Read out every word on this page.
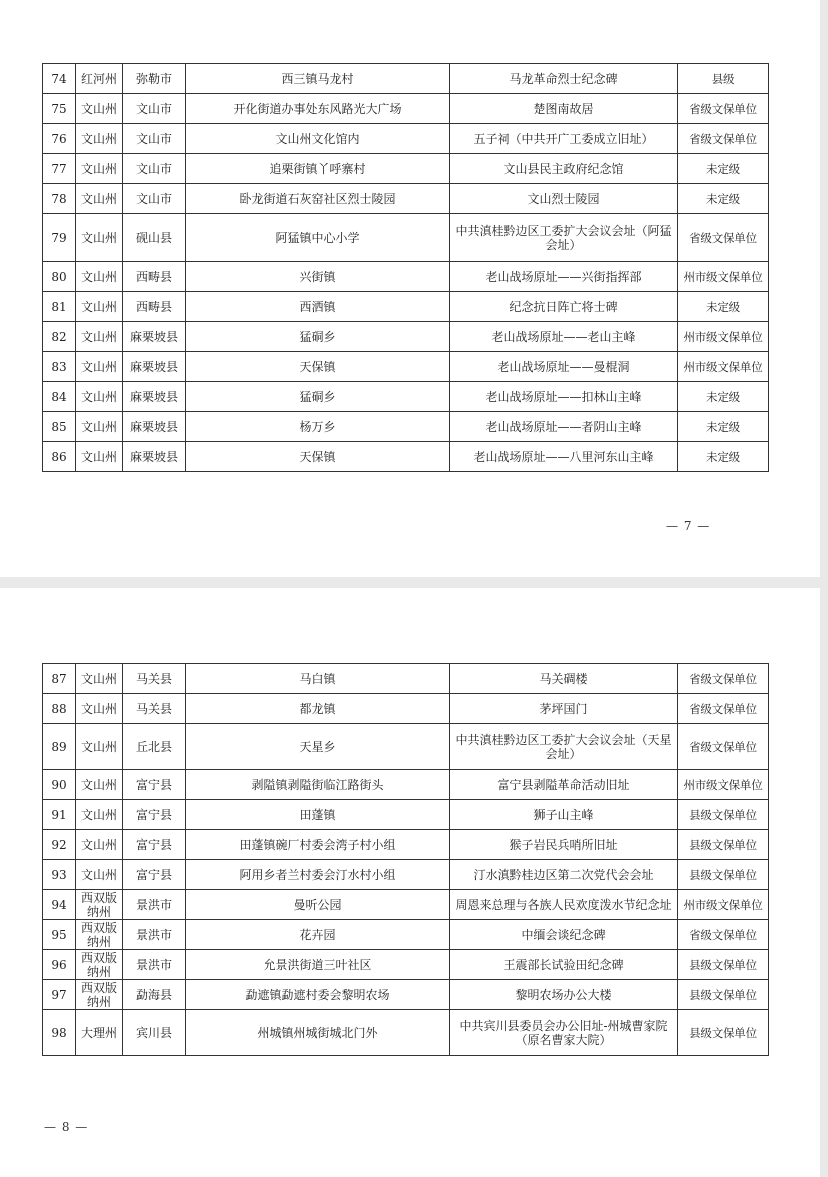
74	红河州	弥勒市	西三镇马龙村	马龙革命烈士纪念碑	县级
75	文山州	文山市	开化街道办事处东风路光大广场	楚图南故居	省级文保单位
76	文山州	文山市	文山州文化馆内	五子祠（中共开广工委成立旧址）	省级文保单位
77	文山州	文山市	追栗街镇丫呼寨村	文山县民主政府纪念馆	未定级
78	文山州	文山市	卧龙街道石灰窑社区烈士陵园	文山烈士陵园	未定级
79	文山州	砚山县	阿猛镇中心小学	中共滇桂黔边区工委扩大会议会址（阿猛会址）	省级文保单位
80	文山州	西畴县	兴街镇	老山战场原址——兴街指挥部	州市级文保单位
81	文山州	西畴县	西洒镇	纪念抗日阵亡将士碑	未定级
82	文山州	麻栗坡县	猛硐乡	老山战场原址——老山主峰	州市级文保单位
83	文山州	麻栗坡县	天保镇	老山战场原址——曼棍洞	州市级文保单位
84	文山州	麻栗坡县	猛硐乡	老山战场原址——扣林山主峰	未定级
85	文山州	麻栗坡县	杨万乡	老山战场原址——者阴山主峰	未定级
86	文山州	麻栗坡县	天保镇	老山战场原址——八里河东山主峰	未定级
— 7 —
87	文山州	马关县	马白镇	马关碉楼	省级文保单位
88	文山州	马关县	都龙镇	茅坪国门	省级文保单位
89	文山州	丘北县	天星乡	中共滇桂黔边区工委扩大会议会址（天星会址）	省级文保单位
90	文山州	富宁县	剥隘镇剥隘街临江路街头	富宁县剥隘革命活动旧址	州市级文保单位
91	文山州	富宁县	田蓬镇	狮子山主峰	县级文保单位
92	文山州	富宁县	田蓬镇碗厂村委会湾子村小组	猴子岩民兵哨所旧址	县级文保单位
93	文山州	富宁县	阿用乡者兰村委会汀水村小组	汀水滇黔桂边区第二次党代会会址	县级文保单位
94	西双版纳州	景洪市	曼听公园	周恩来总理与各族人民欢度泼水节纪念址	州市级文保单位
95	西双版纳州	景洪市	花卉园	中缅会谈纪念碑	省级文保单位
96	西双版纳州	景洪市	允景洪街道三叶社区	王震部长试验田纪念碑	县级文保单位
97	西双版纳州	勐海县	勐遮镇勐遮村委会黎明农场	黎明农场办公大楼	县级文保单位
98	大理州	宾川县	州城镇州城街城北门外	中共宾川县委员会办公旧址-州城曹家院（原名曹家大院）	县级文保单位
— 8 —
